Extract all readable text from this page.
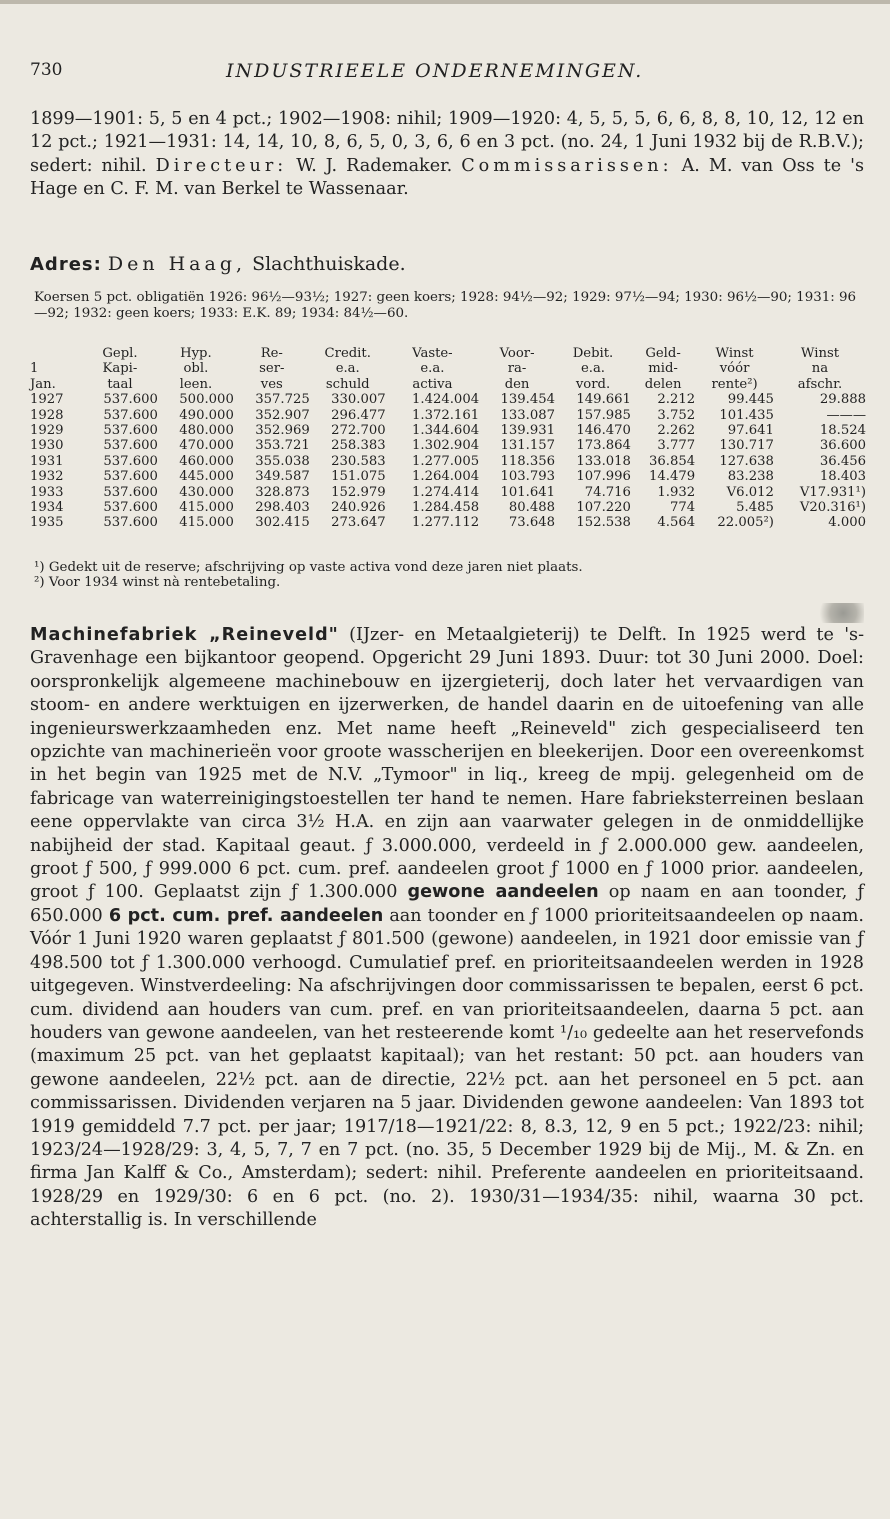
730	INDUSTRIEELE ONDERNEMINGEN.

1899—1901: 5, 5 en 4 pct.; 1902—1908: nihil; 1909—1920: 4, 5, 5, 5, 6, 6, 8, 8, 10, 12, 12 en 12 pct.; 1921—1931: 14, 14, 10, 8, 6, 5, 0, 3, 6, 6 en 3 pct. (no. 24, 1 Juni 1932 bij de R.B.V.); sedert: nihil. Directeur: W. J. Rademaker. Commissarissen: A. M. van Oss te 's Hage en C. F. M. van Berkel te Wassenaar.

Adres: Den Haag, Slachthuiskade.
Koersen 5 pct. obligatiën 1926: 96½—93½; 1927: geen koers; 1928: 94½—92; 1929: 97½—94; 1930: 96½—90; 1931: 96—92; 1932: geen koers; 1933: E.K. 89; 1934: 84½—60.
	Gepl.	Hyp.	Re-	Credit.	Vaste-	Voor-	Debit.	Geld-	Winst	Winst
1	Kapi-	obl.	ser-	e.a.	e.a.	ra-	e.a.	mid-	vóór	na
Jan.	taal	leen.	ves	schuld	activa	den	vord.	delen	rente²)	afschr.
1927	537.600	500.000	357.725	330.007	1.424.004	139.454	149.661	2.212	99.445	29.888
1928	537.600	490.000	352.907	296.477	1.372.161	133.087	157.985	3.752	101.435	———
1929	537.600	480.000	352.969	272.700	1.344.604	139.931	146.470	2.262	97.641	18.524
1930	537.600	470.000	353.721	258.383	1.302.904	131.157	173.864	3.777	130.717	36.600
1931	537.600	460.000	355.038	230.583	1.277.005	118.356	133.018	36.854	127.638	36.456
1932	537.600	445.000	349.587	151.075	1.264.004	103.793	107.996	14.479	83.238	18.403
1933	537.600	430.000	328.873	152.979	1.274.414	101.641	74.716	1.932	V6.012	V17.931¹)
1934	537.600	415.000	298.403	240.926	1.284.458	80.488	107.220	774	5.485	V20.316¹)
1935	537.600	415.000	302.415	273.647	1.277.112	73.648	152.538	4.564	22.005²)	4.000
¹) Gedekt uit de reserve; afschrijving op vaste activa vond deze jaren niet plaats.
²) Voor 1934 winst nà rentebetaling.

Machinefabriek „Reineveld" (IJzer- en Metaalgieterij) te Delft. In 1925 werd te 's-Gravenhage een bijkantoor geopend. Opgericht 29 Juni 1893. Duur: tot 30 Juni 2000. Doel: oorspronkelijk algemeene machinebouw en ijzergieterij, doch later het vervaardigen van stoom- en andere werktuigen en ijzerwerken, de handel daarin en de uitoefening van alle ingenieurswerkzaamheden enz. Met name heeft „Reineveld" zich gespecialiseerd ten opzichte van machinerieën voor groote wasscherijen en bleekerijen. Door een overeenkomst in het begin van 1925 met de N.V. „Tymoor" in liq., kreeg de mpij. gelegenheid om de fabricage van waterreinigingstoestellen ter hand te nemen. Hare fabrieksterreinen beslaan eene oppervlakte van circa 3½ H.A. en zijn aan vaarwater gelegen in de onmiddellijke nabijheid der stad. Kapitaal geaut. ƒ 3.000.000, verdeeld in ƒ 2.000.000 gew. aandeelen, groot ƒ 500, ƒ 999.000 6 pct. cum. pref. aandeelen groot ƒ 1000 en ƒ 1000 prior. aandeelen, groot ƒ 100. Geplaatst zijn ƒ 1.300.000 gewone aandeelen op naam en aan toonder, ƒ 650.000 6 pct. cum. pref. aandeelen aan toonder en ƒ 1000 prioriteitsaandeelen op naam. Vóór 1 Juni 1920 waren geplaatst ƒ 801.500 (gewone) aandeelen, in 1921 door emissie van ƒ 498.500 tot ƒ 1.300.000 verhoogd. Cumulatief pref. en prioriteitsaandeelen werden in 1928 uitgegeven. Winstverdeeling: Na afschrijvingen door commissarissen te bepalen, eerst 6 pct. cum. dividend aan houders van cum. pref. en van prioriteitsaandeelen, daarna 5 pct. aan houders van gewone aandeelen, van het resteerende komt ¹/₁₀ gedeelte aan het reservefonds (maximum 25 pct. van het geplaatst kapitaal); van het restant: 50 pct. aan houders van gewone aandeelen, 22½ pct. aan de directie, 22½ pct. aan het personeel en 5 pct. aan commissarissen. Dividenden verjaren na 5 jaar. Dividenden gewone aandeelen: Van 1893 tot 1919 gemiddeld 7.7 pct. per jaar; 1917/18—1921/22: 8, 8.3, 12, 9 en 5 pct.; 1922/23: nihil; 1923/24—1928/29: 3, 4, 5, 7, 7 en 7 pct. (no. 35, 5 December 1929 bij de Mij., M. & Zn. en firma Jan Kalff & Co., Amsterdam); sedert: nihil. Preferente aandeelen en prioriteitsaand. 1928/29 en 1929/30: 6 en 6 pct. (no. 2). 1930/31—1934/35: nihil, waarna 30 pct. achterstallig is. In verschillende
